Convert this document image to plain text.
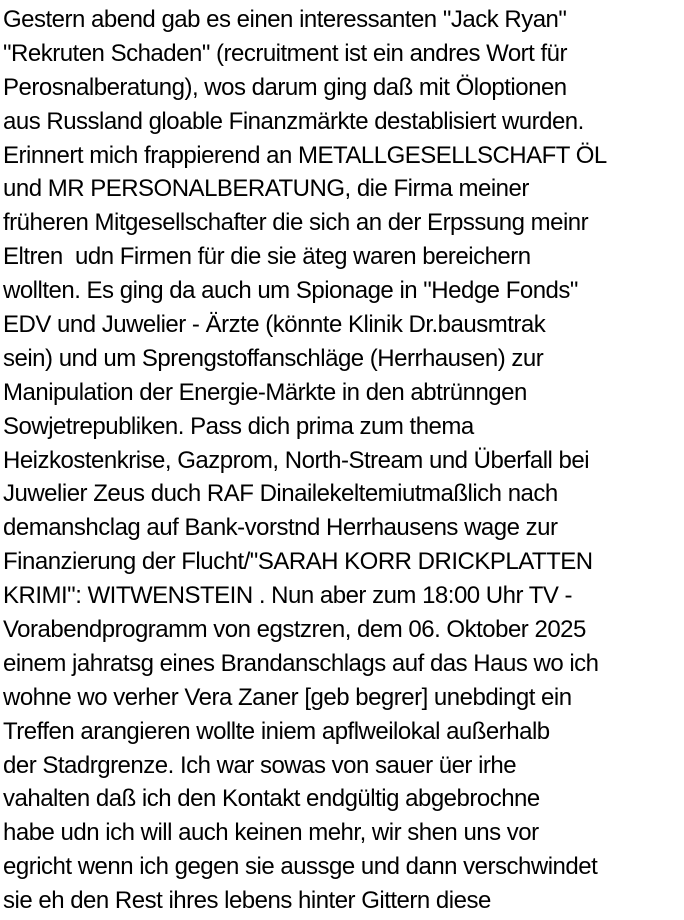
Gestern abend gab es einen interessanten "Jack Ryan"
"Rekruten Schaden" (recruitment ist ein andres Wort für
Perosnalberatung), wos darum ging daß mit Öloptionen
aus Russland gloable Finanzmärkte destablisiert wurden.
Erinnert mich frappierend an METALLGESELLSCHAFT ÖL
und MR PERSONALBERATUNG, die Firma meiner
früheren Mitgesellschafter die sich an der Erpssung meinr
Eltren  udn Firmen für die sie äteg waren bereichern
wollten. Es ging da auch um Spionage in "Hedge Fonds"
EDV und Juwelier - Ärzte (könnte Klinik Dr.bausmtrak
sein) und um Sprengstoffanschläge (Herrhausen) zur
Manipulation der Energie-Märkte in den abtrünngen
Sowjetrepubliken. Pass dich prima zum thema
Heizkostenkrise, Gazprom, North-Stream und Überfall bei
Juwelier Zeus duch RAF Dinailekeltemiutmaßlich nach
demanshclag auf Bank-vorstnd Herrhausens wage zur
Finanzierung der Flucht/"SARAH KORR DRICKPLATTEN
KRIMI": WITWENSTEIN . Nun aber zum 18:00 Uhr TV -
Vorabendprogramm von egstzren, dem 06. Oktober 2025
einem jahratsg eines Brandanschlags auf das Haus wo ich
wohne wo verher Vera Zaner [geb begrer] unebdingt ein
Treffen arangieren wollte iniem apflweilokal außerhalb
der Stadrgrenze. Ich war sowas von sauer üer irhe
vahalten daß ich den Kontakt endgültig abgebrochne
habe udn ich will auch keinen mehr, wir shen uns vor
egricht wenn ich gegen sie aussge und dann verschwindet
sie eh den Rest ihres lebens hinter Gittern diese
